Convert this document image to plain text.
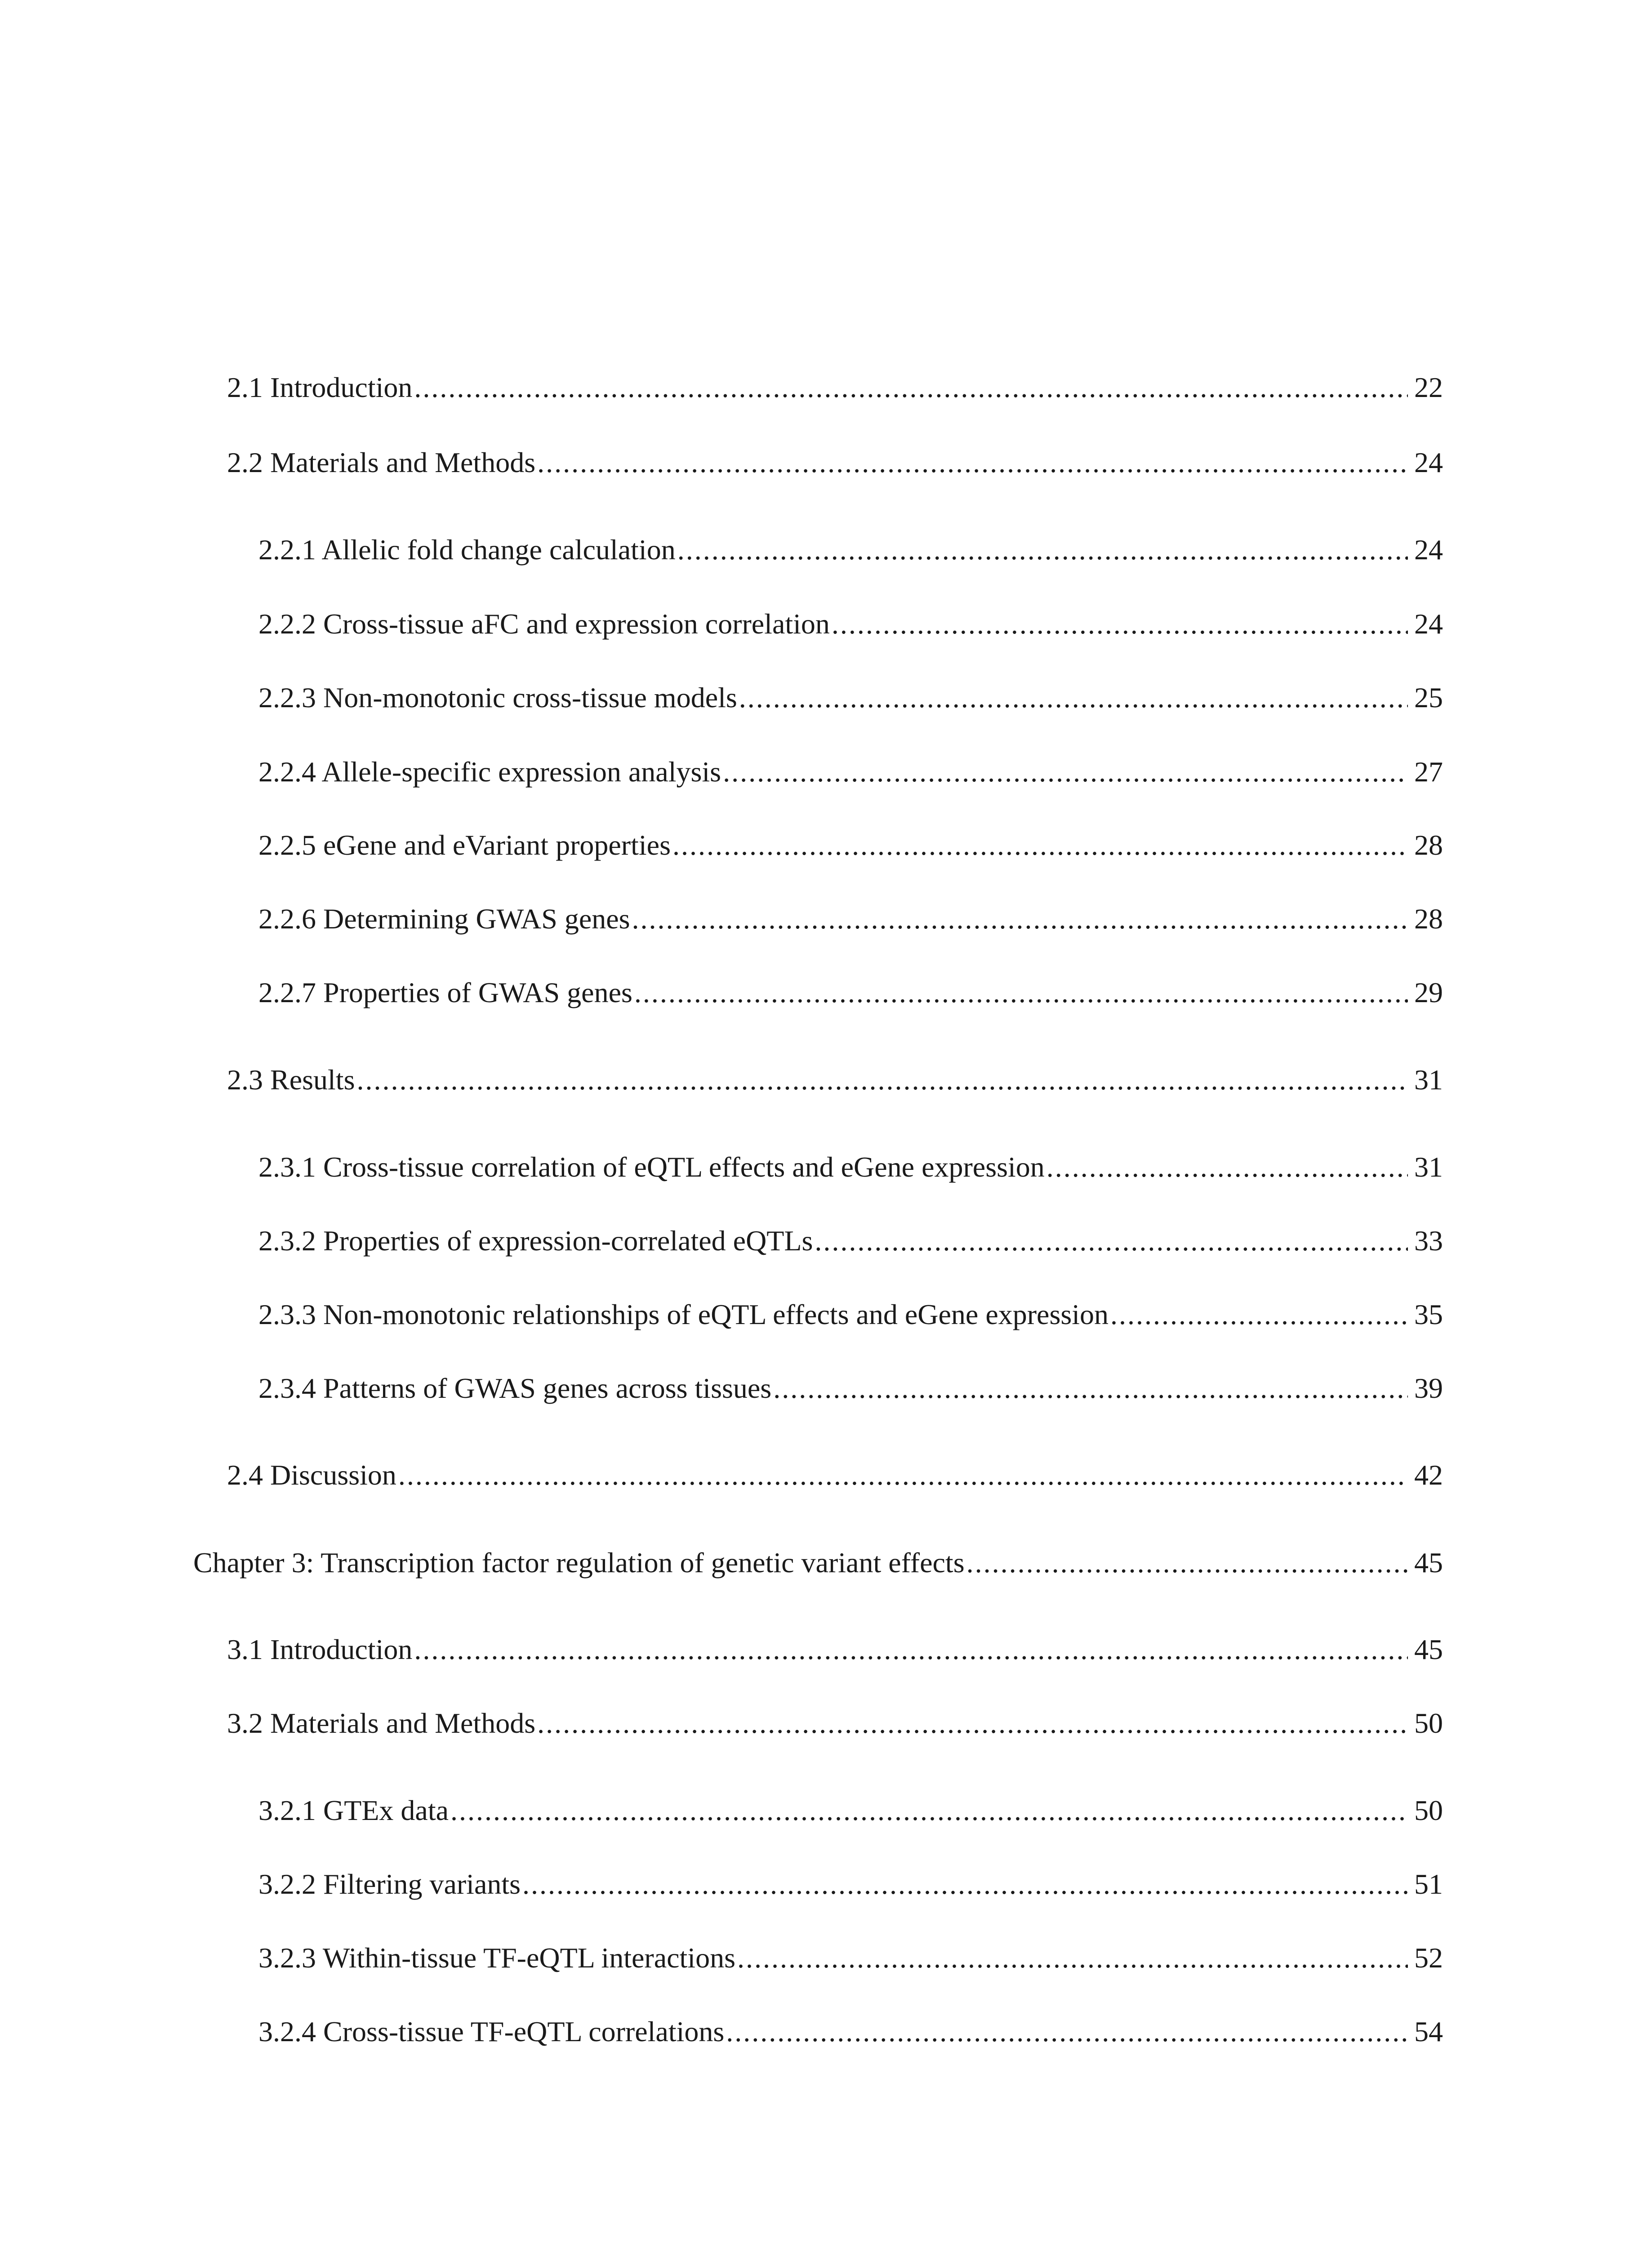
2.1 Introduction .....	22
2.2 Materials and Methods .....	24
2.2.1 Allelic fold change calculation .....	24
2.2.2 Cross-tissue aFC and expression correlation .....	24
2.2.3 Non-monotonic cross-tissue models .....	25
2.2.4 Allele-specific expression analysis .....	27
2.2.5 eGene and eVariant properties .....	28
2.2.6 Determining GWAS genes .....	28
2.2.7 Properties of GWAS genes .....	29
2.3 Results .....	31
2.3.1 Cross-tissue correlation of eQTL effects and eGene expression .....	31
2.3.2 Properties of expression-correlated eQTLs .....	33
2.3.3 Non-monotonic relationships of eQTL effects and eGene expression .....	35
2.3.4 Patterns of GWAS genes across tissues .....	39
2.4 Discussion .....	42
Chapter 3: Transcription factor regulation of genetic variant effects .....	45
3.1 Introduction .....	45
3.2 Materials and Methods .....	50
3.2.1 GTEx data .....	50
3.2.2 Filtering variants .....	51
3.2.3 Within-tissue TF-eQTL interactions .....	52
3.2.4 Cross-tissue TF-eQTL correlations .....	54
